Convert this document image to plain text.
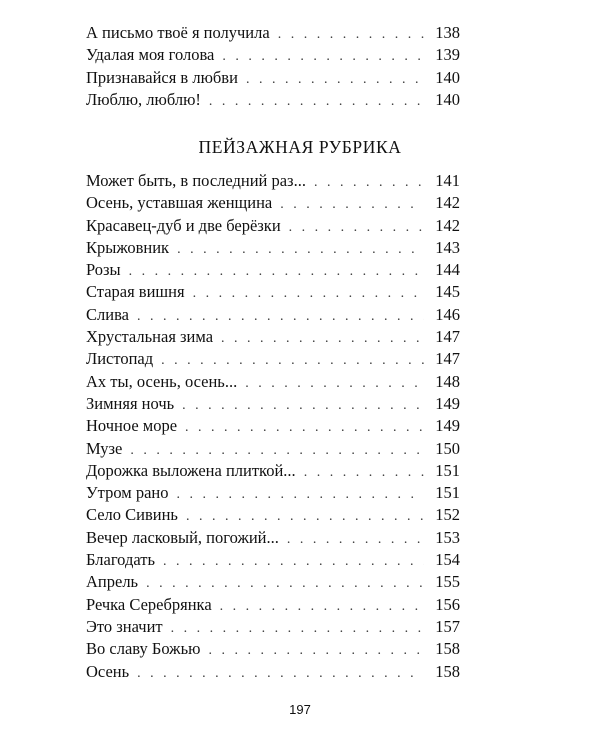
А письмо твоё я получила . . .	138
Удалая моя голова . . .	139
Признавайся в любви . . .	140
Люблю, люблю! . . .	140
ПЕЙЗАЖНАЯ РУБРИКА
Может быть, в последний раз... . . .	141
Осень, уставшая женщина . . .	142
Красавец-дуб и две берёзки . . .	142
Крыжовник . . .	143
Розы . . .	144
Старая вишня . . .	145
Слива . . .	146
Хрустальная зима . . .	147
Листопад . . .	147
Ах ты, осень, осень... . . .	148
Зимняя ночь . . .	149
Ночное море . . .	149
Музе . . .	150
Дорожка выложена плиткой... . . .	151
Утром рано . . .	151
Село Сивинь . . .	152
Вечер ласковый, погожий... . . .	153
Благодать . . .	154
Апрель . . .	155
Речка Серебрянка . . .	156
Это значит . . .	157
Во славу Божью . . .	158
Осень . . .	158
197
